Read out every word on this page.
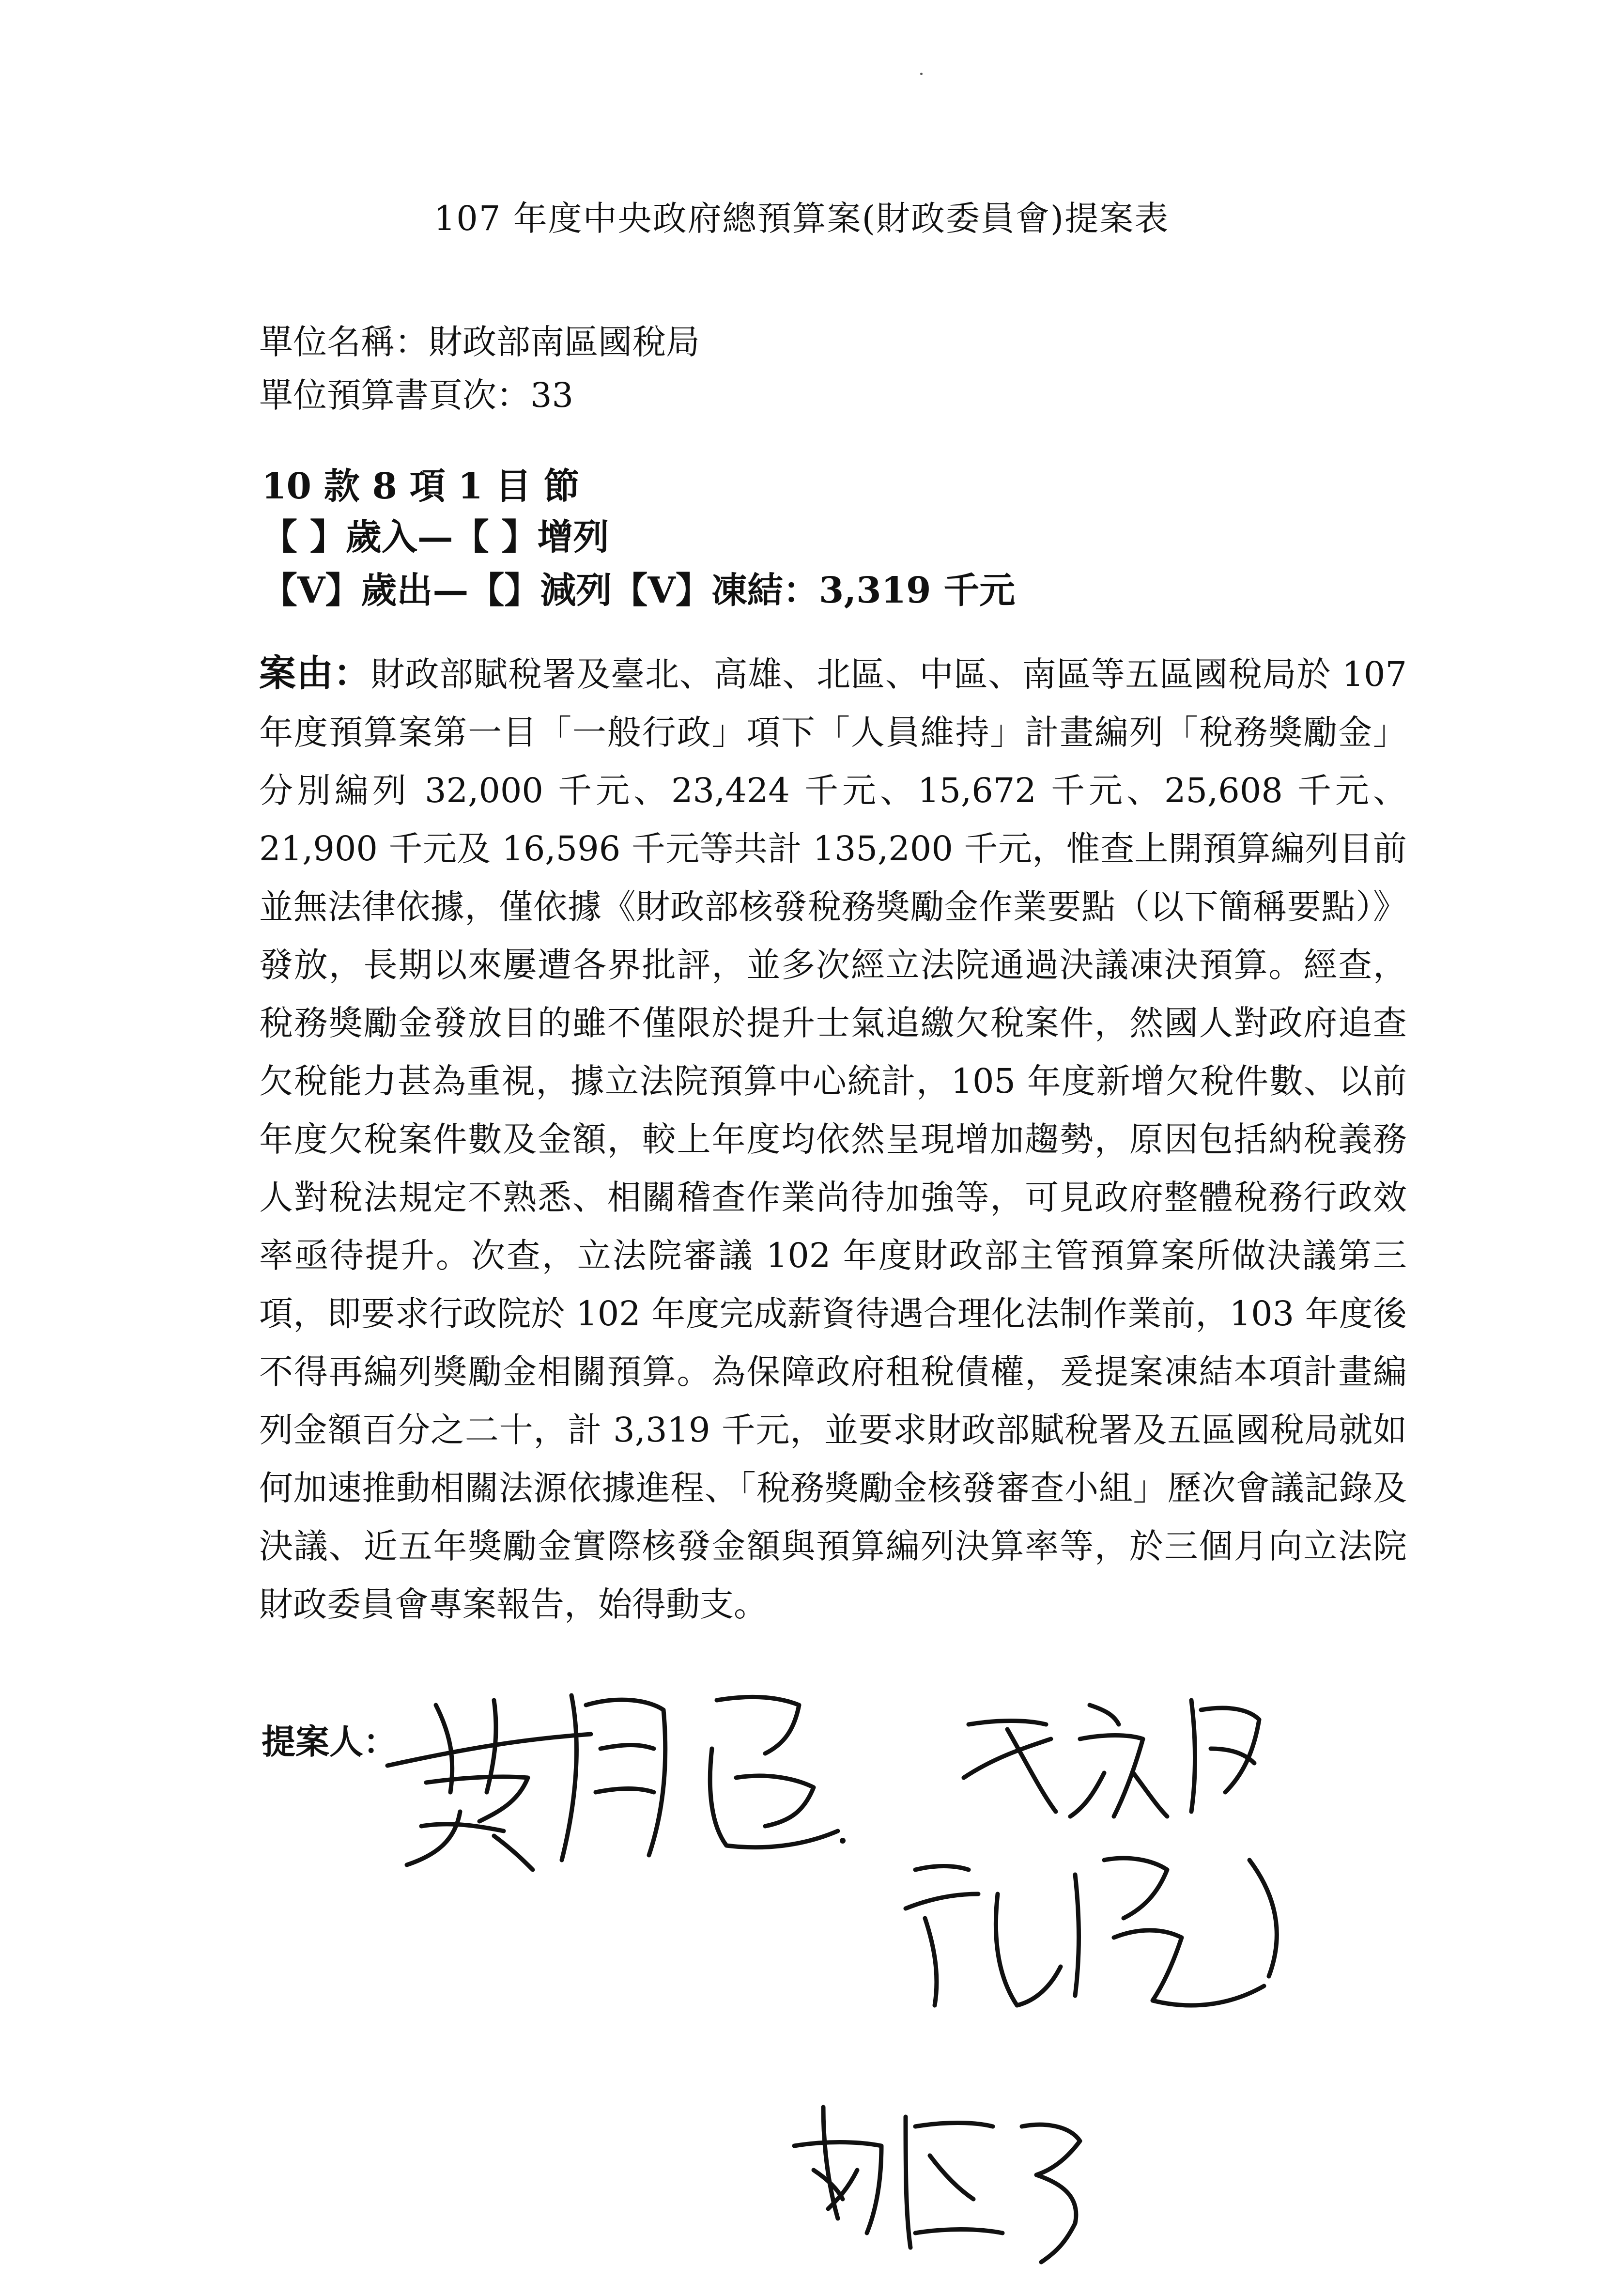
107 年度中央政府總預算案(財政委員會)提案表
單位名稱：財政部南區國稅局
單位預算書頁次：33
10 款 8 項 1 目 節
【 】歲入—【 】增列
【V】歲出—【】減列【V】凍結：3,319 千元
案由：財政部賦稅署及臺北、高雄、北區、中區、南區等五區國稅局於 107 年度預算案第一目「一般行政」項下「人員維持」計畫編列「稅務獎勵金」分別編列 32,000 千元、23,424 千元、15,672 千元、25,608 千元、21,900 千元及 16,596 千元等共計 135,200 千元，惟查上開預算編列目前並無法律依據，僅依據《財政部核發稅務獎勵金作業要點（以下簡稱要點）》發放，長期以來屢遭各界批評，並多次經立法院通過決議凍決預算。經查，稅務獎勵金發放目的雖不僅限於提升士氣追繳欠稅案件，然國人對政府追查欠稅能力甚為重視，據立法院預算中心統計，105 年度新增欠稅件數、以前年度欠稅案件數及金額，較上年度均依然呈現增加趨勢，原因包括納稅義務人對稅法規定不熟悉、相關稽查作業尚待加強等，可見政府整體稅務行政效率亟待提升。次查，立法院審議 102 年度財政部主管預算案所做決議第三項，即要求行政院於 102 年度完成薪資待遇合理化法制作業前，103 年度後不得再編列獎勵金相關預算。為保障政府租稅債權，爰提案凍結本項計畫編列金額百分之二十，計 3,319 千元，並要求財政部賦稅署及五區國稅局就如何加速推動相關法源依據進程、「稅務獎勵金核發審查小組」歷次會議記錄及決議、近五年獎勵金實際核發金額與預算編列決算率等，於三個月向立法院財政委員會專案報告，始得動支。
提案人：
